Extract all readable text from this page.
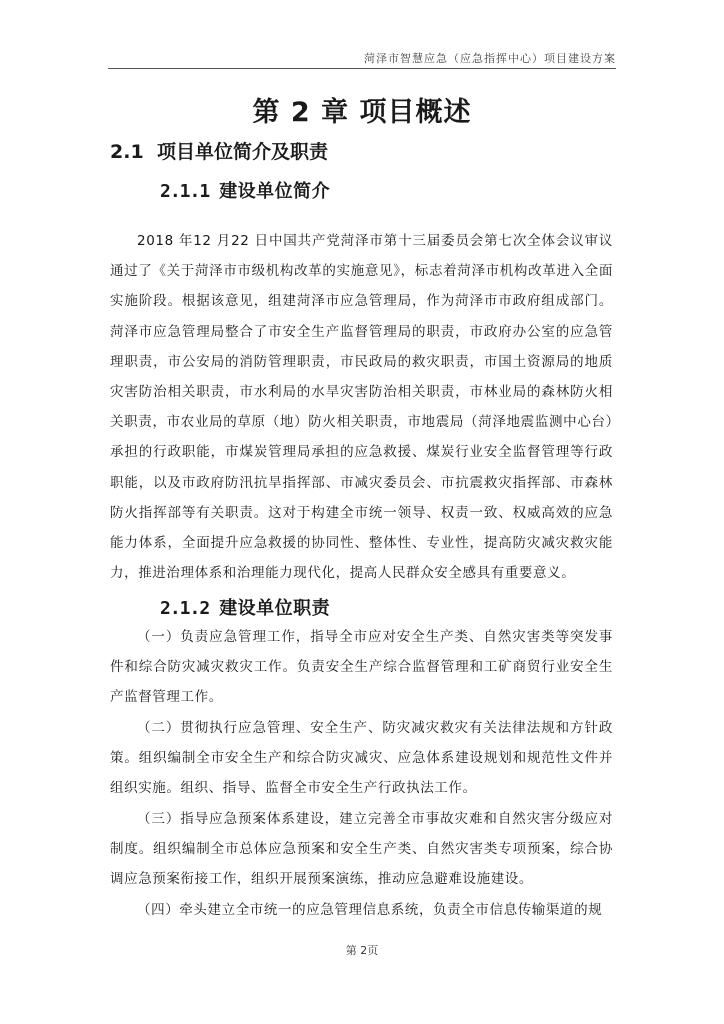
菏泽市智慧应急（应急指挥中心）项目建设方案
第 2 章 项目概述
2.1 项目单位简介及职责
2.1.1 建设单位简介
2018 年12 月22 日中国共产党菏泽市第十三届委员会第七次全体会议审议通过了《关于菏泽市市级机构改革的实施意见》，标志着菏泽市机构改革进入全面实施阶段。根据该意见，组建菏泽市应急管理局，作为菏泽市市政府组成部门。菏泽市应急管理局整合了市安全生产监督管理局的职责，市政府办公室的应急管理职责，市公安局的消防管理职责，市民政局的救灾职责，市国土资源局的地质灾害防治相关职责，市水利局的水旱灾害防治相关职责，市林业局的森林防火相关职责，市农业局的草原（地）防火相关职责，市地震局（菏泽地震监测中心台）承担的行政职能，市煤炭管理局承担的应急救援、煤炭行业安全监督管理等行政职能，以及市政府防汛抗旱指挥部、市减灾委员会、市抗震救灾指挥部、市森林防火指挥部等有关职责。这对于构建全市统一领导、权责一致、权威高效的应急能力体系，全面提升应急救援的协同性、整体性、专业性，提高防灾减灾救灾能力，推进治理体系和治理能力现代化，提高人民群众安全感具有重要意义。
2.1.2 建设单位职责
（一）负责应急管理工作，指导全市应对安全生产类、自然灾害类等突发事件和综合防灾减灾救灾工作。负责安全生产综合监督管理和工矿商贸行业安全生产监督管理工作。
（二）贯彻执行应急管理、安全生产、防灾减灾救灾有关法律法规和方针政策。组织编制全市安全生产和综合防灾减灾、应急体系建设规划和规范性文件并组织实施。组织、指导、监督全市安全生产行政执法工作。
（三）指导应急预案体系建设，建立完善全市事故灾难和自然灾害分级应对制度。组织编制全市总体应急预案和安全生产类、自然灾害类专项预案，综合协调应急预案衔接工作，组织开展预案演练，推动应急避难设施建设。
（四）牵头建立全市统一的应急管理信息系统，负责全市信息传输渠道的规
第 2页
